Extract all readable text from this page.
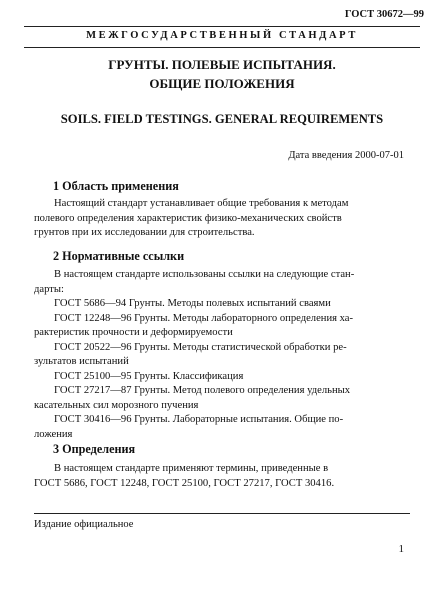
ГОСТ 30672—99
МЕЖГОСУДАРСТВЕННЫЙ СТАНДАРТ
ГРУНТЫ. ПОЛЕВЫЕ ИСПЫТАНИЯ.
ОБЩИЕ ПОЛОЖЕНИЯ
SOILS. FIELD TESTINGS. GENERAL REQUIREMENTS
Дата введения 2000-07-01
1 Область применения
Настоящий стандарт устанавливает общие требования к методам
полевого определения характеристик физико-механических свойств
грунтов при их исследовании для строительства.
2 Нормативные ссылки
В настоящем стандарте использованы ссылки на следующие стан-
дарты:
ГОСТ 5686—94 Грунты. Методы полевых испытаний сваями
ГОСТ 12248—96 Грунты. Методы лабораторного определения ха-
рактеристик прочности и деформируемости
ГОСТ 20522—96 Грунты. Методы статистической обработки ре-
зультатов испытаний
ГОСТ 25100—95 Грунты. Классификация
ГОСТ 27217—87 Грунты. Метод полевого определения удельных
касательных сил морозного пучения
ГОСТ 30416—96 Грунты. Лабораторные испытания. Общие по-
ложения
3 Определения
В настоящем стандарте применяют термины, приведенные в
ГОСТ 5686, ГОСТ 12248, ГОСТ 25100, ГОСТ 27217, ГОСТ 30416.
Издание официальное
1
